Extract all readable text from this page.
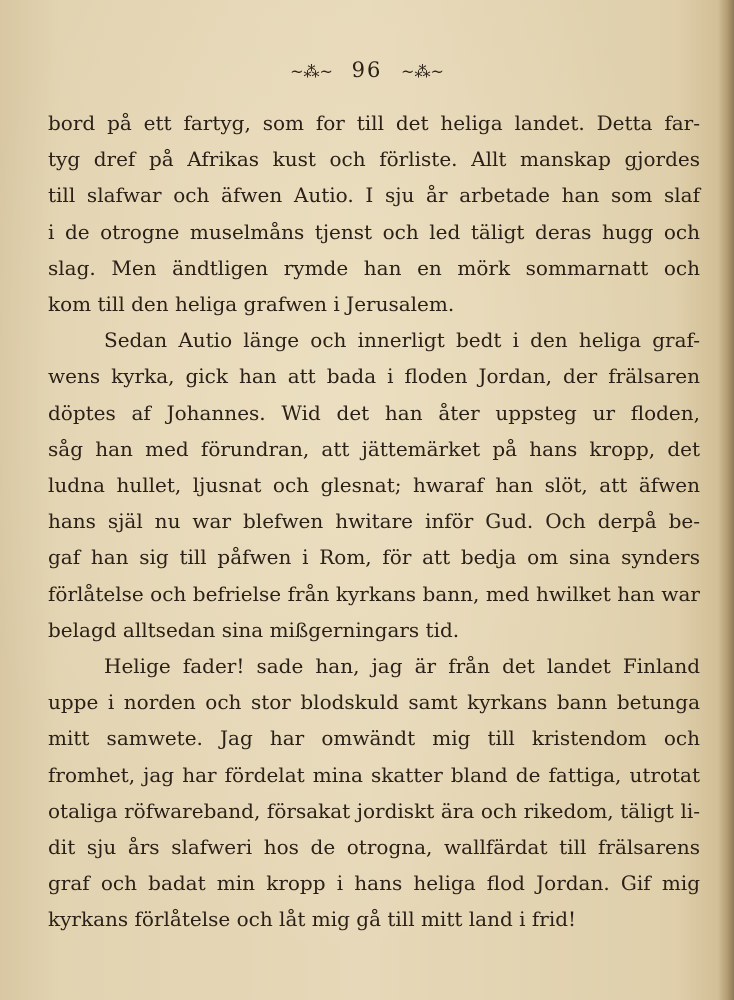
~⁂~ 96 ~⁂~

bord på ett fartyg, som for till det heliga landet. Detta far-
tyg dref på Afrikas kust och förliste. Allt manskap gjordes
till slafwar och äfwen Autio. I sju år arbetade han som slaf
i de otrogne muselmåns tjenst och led täligt deras hugg och
slag. Men ändtligen rymde han en mörk sommarnatt och
kom till den heliga grafwen i Jerusalem.

Sedan Autio länge och innerligt bedt i den heliga graf-
wens kyrka, gick han att bada i floden Jordan, der frälsaren
döptes af Johannes. Wid det han åter uppsteg ur floden,
såg han med förundran, att jättemärket på hans kropp, det
ludna hullet, ljusnat och glesnat; hwaraf han slöt, att äfwen
hans själ nu war blefwen hwitare inför Gud. Och derpå be-
gaf han sig till påfwen i Rom, för att bedja om sina synders
förlåtelse och befrielse från kyrkans bann, med hwilket han war
belagd alltsedan sina mißgerningars tid.

Helige fader! sade han, jag är från det landet Finland
uppe i norden och stor blodskuld samt kyrkans bann betunga
mitt samwete. Jag har omwändt mig till kristendom och
fromhet, jag har fördelat mina skatter bland de fattiga, utrotat
otaliga röfwareband, försakat jordiskt ära och rikedom, täligt li-
dit sju års slafweri hos de otrogna, wallfärdat till frälsarens
graf och badat min kropp i hans heliga flod Jordan. Gif mig
kyrkans förlåtelse och låt mig gå till mitt land i frid!
